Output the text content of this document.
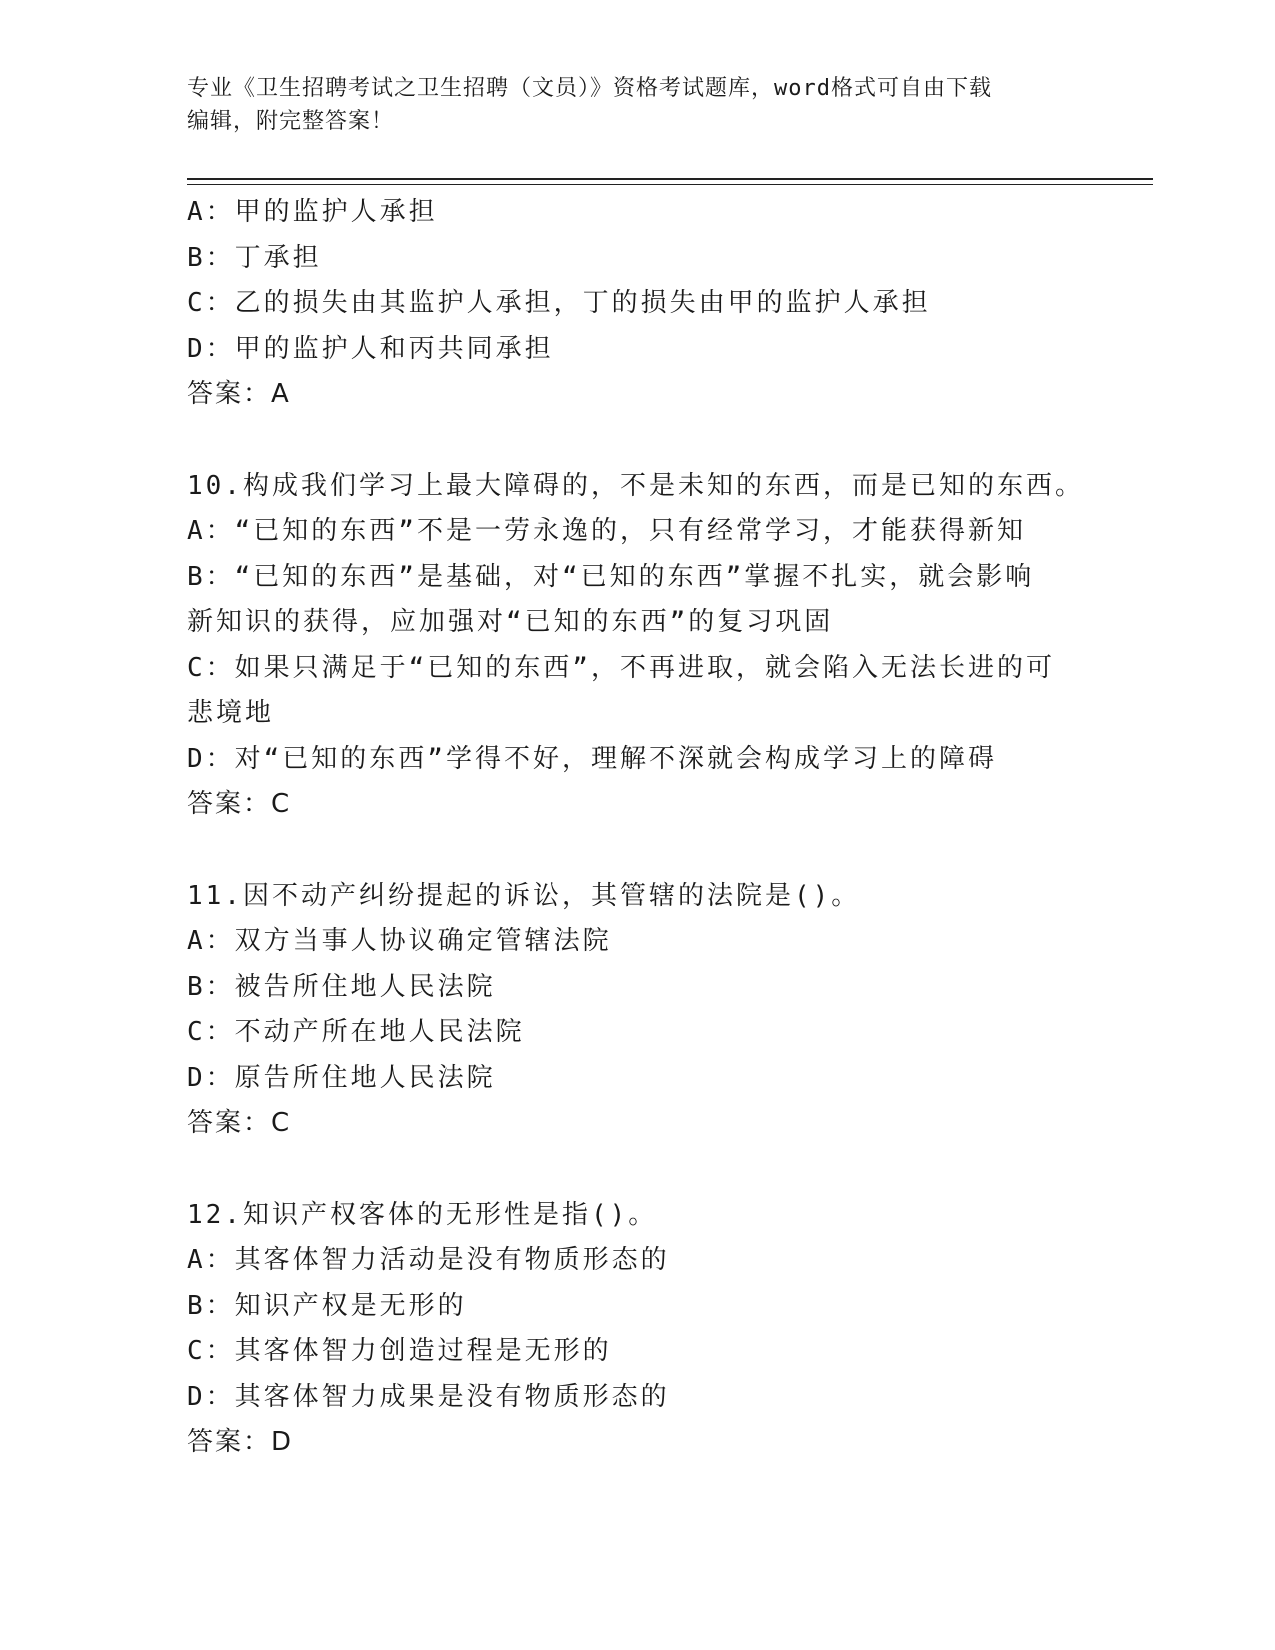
专业《卫生招聘考试之卫生招聘（文员）》资格考试题库，word格式可自由下载
编辑，附完整答案！

A：甲的监护人承担

B：丁承担

C：乙的损失由其监护人承担，丁的损失由甲的监护人承担

D：甲的监护人和丙共同承担

答案：A

10.构成我们学习上最大障碍的，不是未知的东西，而是已知的东西。

A：“已知的东西”不是一劳永逸的，只有经常学习，才能获得新知

B：“已知的东西”是基础，对“已知的东西”掌握不扎实，就会影响

新知识的获得，应加强对“已知的东西”的复习巩固

C：如果只满足于“已知的东西”，不再进取，就会陷入无法长进的可

悲境地

D：对“已知的东西”学得不好，理解不深就会构成学习上的障碍

答案：C

11.因不动产纠纷提起的诉讼，其管辖的法院是()。

A：双方当事人协议确定管辖法院

B：被告所住地人民法院

C：不动产所在地人民法院

D：原告所住地人民法院

答案：C

12.知识产权客体的无形性是指()。

A：其客体智力活动是没有物质形态的

B：知识产权是无形的

C：其客体智力创造过程是无形的

D：其客体智力成果是没有物质形态的

答案：D
